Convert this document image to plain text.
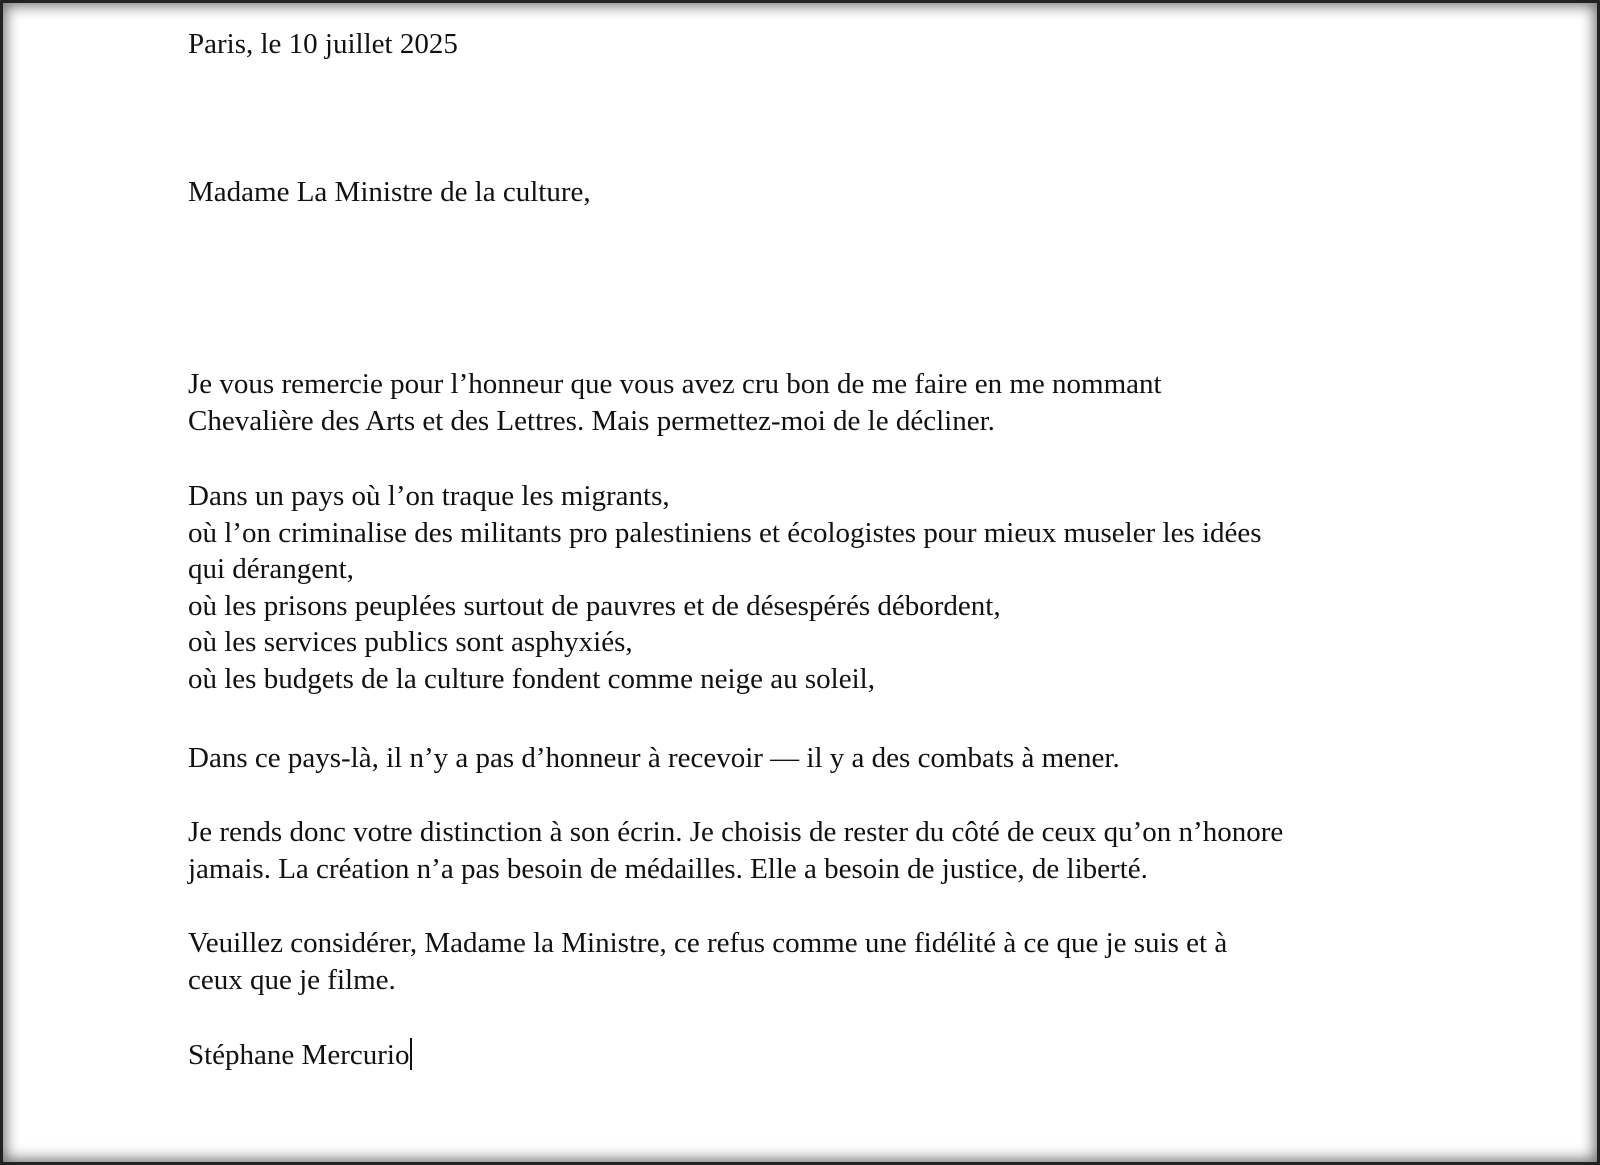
Paris, le 10 juillet 2025
Madame La Ministre de la culture,
Je vous remercie pour l’honneur que vous avez cru bon de me faire en me nommant
Chevalière des Arts et des Lettres. Mais permettez-moi de le décliner.
Dans un pays où l’on traque les migrants,
où l’on criminalise des militants pro palestiniens et écologistes pour mieux museler les idées
qui dérangent,
où les prisons peuplées surtout de pauvres et de désespérés débordent,
où les services publics sont asphyxiés,
où les budgets de la culture fondent comme neige au soleil,
Dans ce pays-là, il n’y a pas d’honneur à recevoir — il y a des combats à mener.
Je rends donc votre distinction à son écrin. Je choisis de rester du côté de ceux qu’on n’honore
jamais. La création n’a pas besoin de médailles. Elle a besoin de justice, de liberté.
Veuillez considérer, Madame la Ministre, ce refus comme une fidélité à ce que je suis et à
ceux que je filme.
Stéphane Mercurio
